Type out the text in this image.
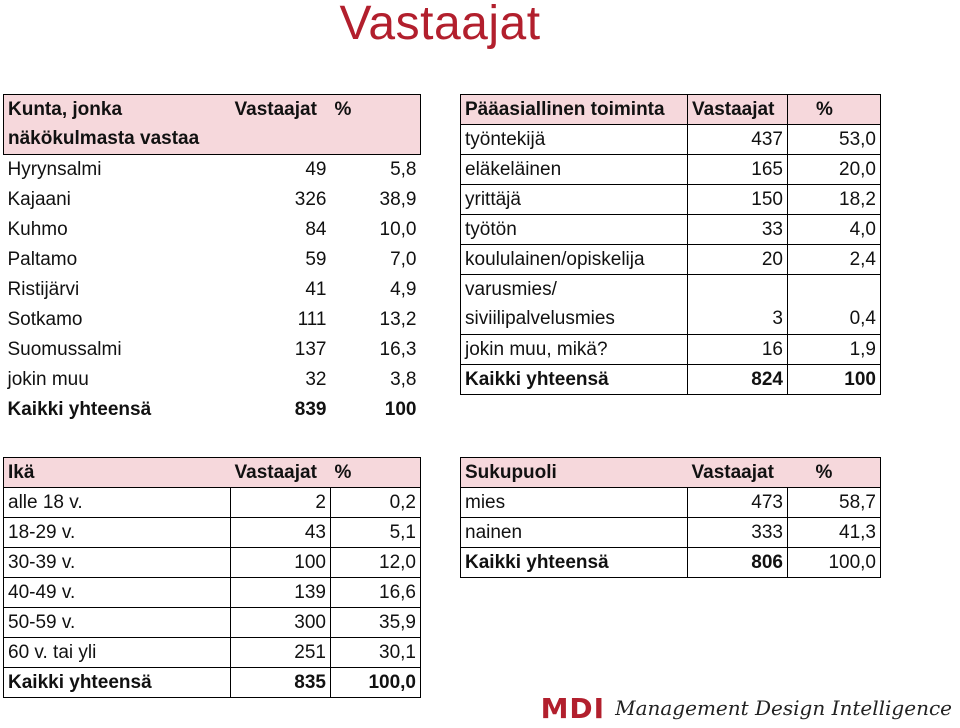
Vastaajat
Kunta, jonka	Vastaajat	%
näkökulmasta vastaa		
Hyrynsalmi	49	5,8
Kajaani	326	38,9
Kuhmo	84	10,0
Paltamo	59	7,0
Ristijärvi	41	4,9
Sotkamo	111	13,2
Suomussalmi	137	16,3
jokin muu	32	3,8
Kaikki yhteensä	839	100
Pääasiallinen toiminta	Vastaajat	%
työntekijä	437	53,0
eläkeläinen	165	20,0
yrittäjä	150	18,2
työtön	33	4,0
koululainen/opiskelija	20	2,4
varusmies/		
siviilipalvelusmies	3	0,4
jokin muu, mikä?	16	1,9
Kaikki yhteensä	824	100
Ikä	Vastaajat	%
alle 18 v.	2	0,2
18-29 v.	43	5,1
30-39 v.	100	12,0
40-49 v.	139	16,6
50-59 v.	300	35,9
60 v. tai yli	251	30,1
Kaikki yhteensä	835	100,0
Sukupuoli	Vastaajat	%
mies	473	58,7
nainen	333	41,3
Kaikki yhteensä	806	100,0
MDI Management Design Intelligence
